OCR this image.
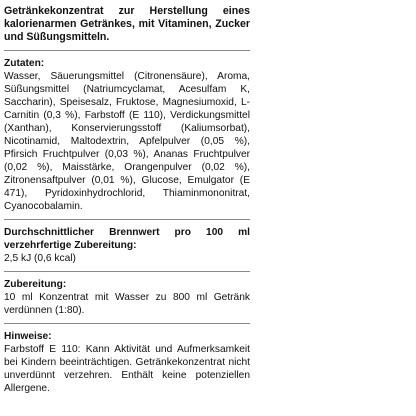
Getränkekonzentrat zur Herstellung eines kalorienarmen Getränkes, mit Vitaminen, Zucker und Süßungsmitteln.

Zutaten:

Wasser, Säuerungsmittel (Citronensäure), Aroma, Süßungsmittel (Natriumcyclamat, Acesulfam K, Saccharin), Speisesalz, Fruktose, Magnesiumoxid, L-Carnitin (0,3 %), Farbstoff (E 110), Verdickungsmittel (Xanthan), Konservierungsstoff (Kaliumsorbat), Nicotinamid, Maltodextrin, Apfelpulver (0,05 %), Pfirsich Fruchtpulver (0,03 %), Ananas Fruchtpulver (0,02 %), Maisstärke, Orangenpulver (0,02 %), Zitronensaftpulver (0,01 %), Glucose, Emulgator (E 471), Pyridoxinhydrochlorid, Thiaminmononitrat, Cyanocobalamin.

Durchschnittlicher Brennwert pro 100 ml verzehrfertige Zubereitung:

2,5 kJ (0,6 kcal)

Zubereitung:

10 ml Konzentrat mit Wasser zu 800 ml Getränk verdünnen (1:80).

Hinweise:

Farbstoff E 110: Kann Aktivität und Aufmerksamkeit bei Kindern beeinträchtigen. Getränkekonzentrat nicht unverdünnt verzehren. Enthält keine potenziellen Allergene.
